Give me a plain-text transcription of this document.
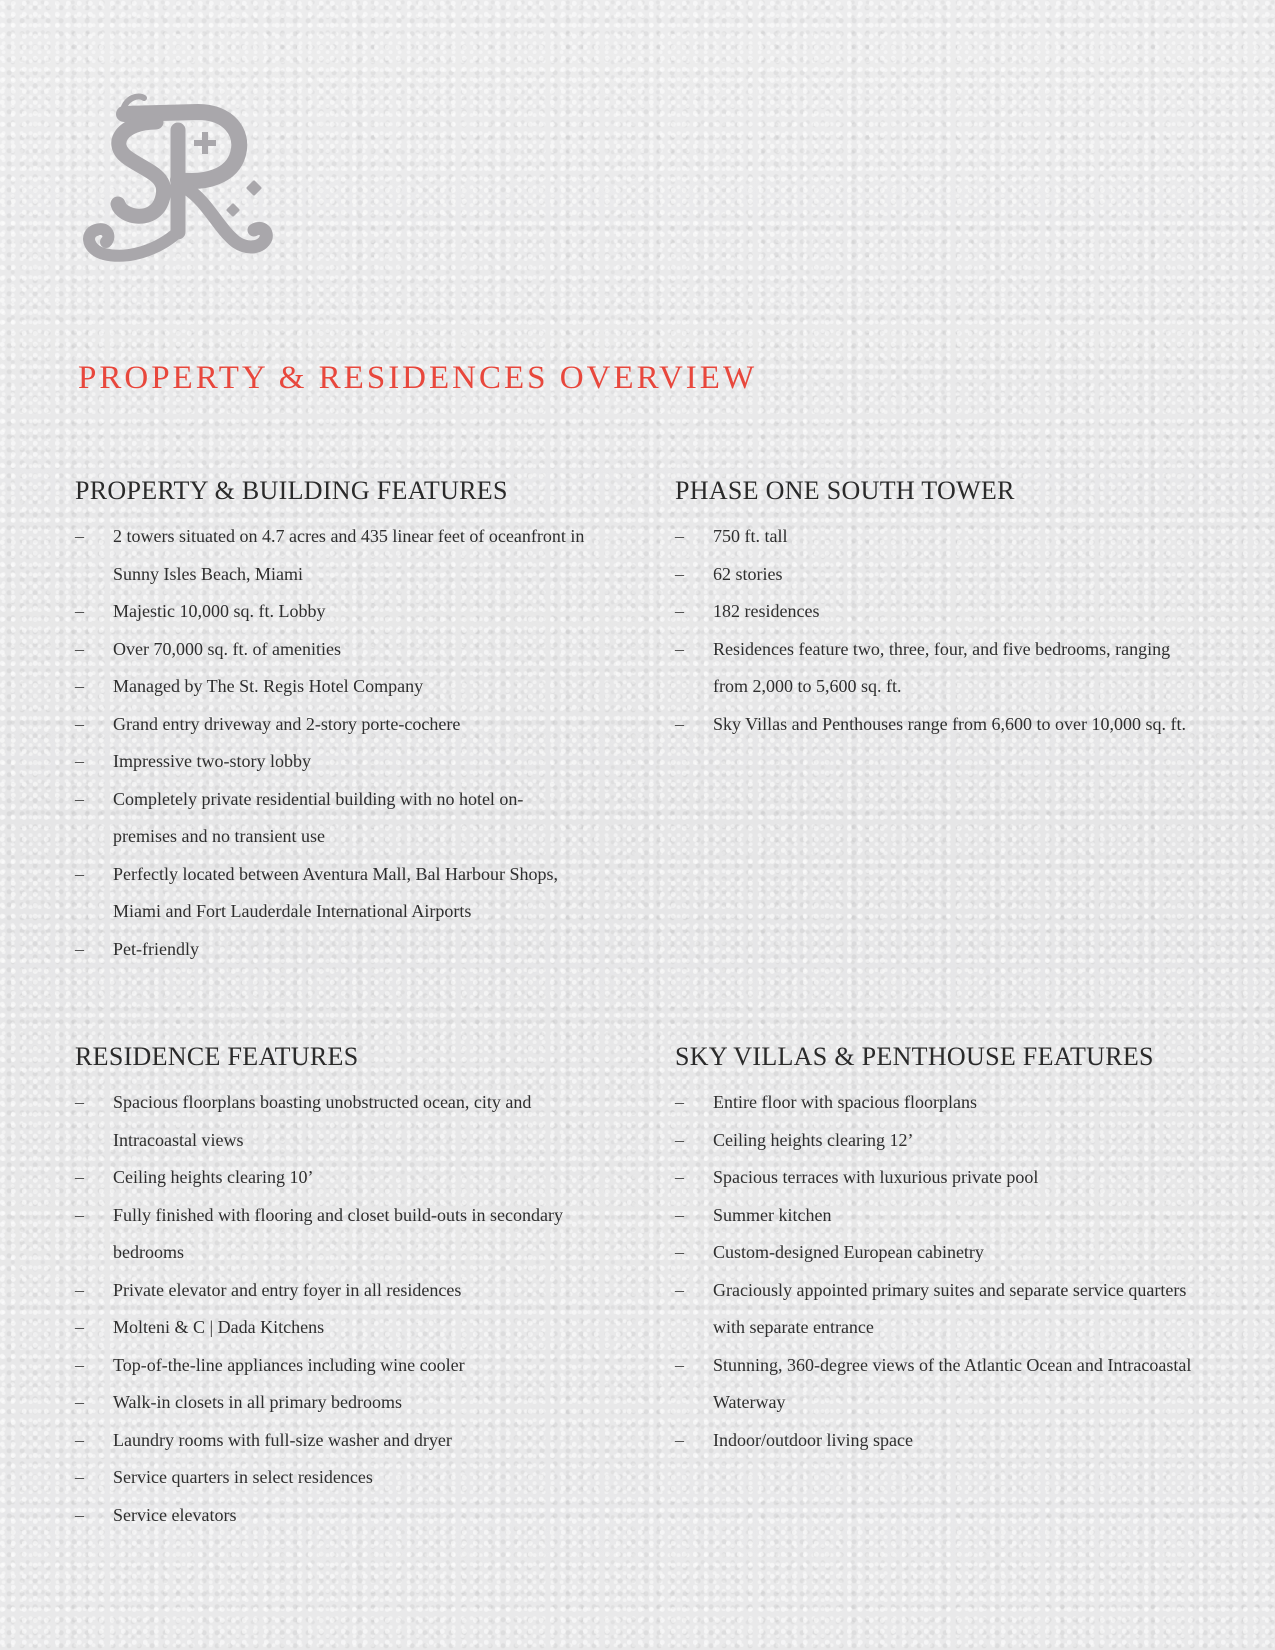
PROPERTY & RESIDENCES OVERVIEW
PROPERTY & BUILDING FEATURES
–	2 towers situated on 4.7 acres and 435 linear feet of oceanfront in Sunny Isles Beach, Miami
–	Majestic 10,000 sq. ft. Lobby
–	Over 70,000 sq. ft. of amenities
–	Managed by The St. Regis Hotel Company
–	Grand entry driveway and 2-story porte-cochere
–	Impressive two-story lobby
–	Completely private residential building with no hotel on-premises and no transient use
–	Perfectly located between Aventura Mall, Bal Harbour Shops, Miami and Fort Lauderdale International Airports
–	Pet-friendly
PHASE ONE SOUTH TOWER
–	750 ft. tall
–	62 stories
–	182 residences
–	Residences feature two, three, four, and five bedrooms, ranging from 2,000 to 5,600 sq. ft.
–	Sky Villas and Penthouses range from 6,600 to over 10,000 sq. ft.
RESIDENCE FEATURES
–	Spacious floorplans boasting unobstructed ocean, city and Intracoastal views
–	Ceiling heights clearing 10’
–	Fully finished with flooring and closet build-outs in secondary bedrooms
–	Private elevator and entry foyer in all residences
–	Molteni & C | Dada Kitchens
–	Top-of-the-line appliances including wine cooler
–	Walk-in closets in all primary bedrooms
–	Laundry rooms with full-size washer and dryer
–	Service quarters in select residences
–	Service elevators
SKY VILLAS & PENTHOUSE FEATURES
–	Entire floor with spacious floorplans
–	Ceiling heights clearing 12’
–	Spacious terraces with luxurious private pool
–	Summer kitchen
–	Custom-designed European cabinetry
–	Graciously appointed primary suites and separate service quarters with separate entrance
–	Stunning, 360-degree views of the Atlantic Ocean and Intracoastal Waterway
–	Indoor/outdoor living space
